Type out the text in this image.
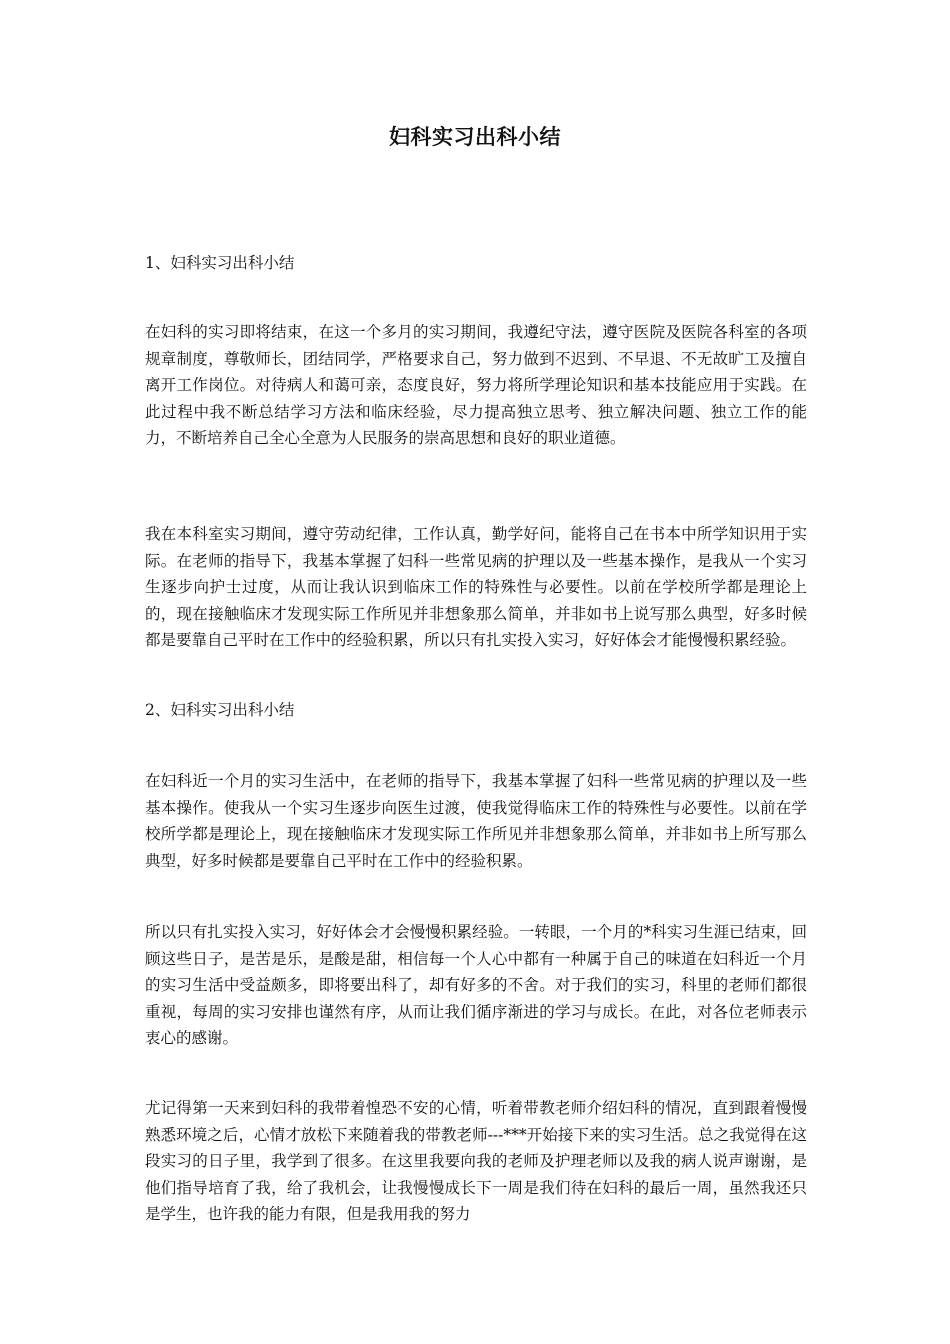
妇科实习出科小结
1、妇科实习出科小结

在妇科的实习即将结束，在这一个多月的实习期间，我遵纪守法，遵守医院及医院各科室的各项规章制度，尊敬师长，团结同学，严格要求自己，努力做到不迟到、不早退、不无故旷工及擅自离开工作岗位。对待病人和蔼可亲，态度良好，努力将所学理论知识和基本技能应用于实践。在此过程中我不断总结学习方法和临床经验，尽力提高独立思考、独立解决问题、独立工作的能力，不断培养自己全心全意为人民服务的崇高思想和良好的职业道德。

我在本科室实习期间，遵守劳动纪律，工作认真，勤学好问，能将自己在书本中所学知识用于实际。在老师的指导下，我基本掌握了妇科一些常见病的护理以及一些基本操作，是我从一个实习生逐步向护士过度，从而让我认识到临床工作的特殊性与必要性。以前在学校所学都是理论上的，现在接触临床才发现实际工作所见并非想象那么简单，并非如书上说写那么典型，好多时候都是要靠自己平时在工作中的经验积累，所以只有扎实投入实习，好好体会才能慢慢积累经验。

2、妇科实习出科小结

在妇科近一个月的实习生活中，在老师的指导下，我基本掌握了妇科一些常见病的护理以及一些基本操作。使我从一个实习生逐步向医生过渡，使我觉得临床工作的特殊性与必要性。以前在学校所学都是理论上，现在接触临床才发现实际工作所见并非想象那么简单，并非如书上所写那么典型，好多时候都是要靠自己平时在工作中的经验积累。

所以只有扎实投入实习，好好体会才会慢慢积累经验。一转眼，一个月的*科实习生涯已结束，回顾这些日子，是苦是乐，是酸是甜，相信每一个人心中都有一种属于自己的味道在妇科近一个月的实习生活中受益颇多，即将要出科了，却有好多的不舍。对于我们的实习，科里的老师们都很重视，每周的实习安排也谨然有序，从而让我们循序渐进的学习与成长。在此，对各位老师表示衷心的感谢。

尤记得第一天来到妇科的我带着惶恐不安的心情，听着带教老师介绍妇科的情况，直到跟着慢慢熟悉环境之后，心情才放松下来随着我的带教老师---***开始接下来的实习生活。总之我觉得在这段实习的日子里，我学到了很多。在这里我要向我的老师及护理老师以及我的病人说声谢谢，是他们指导培育了我，给了我机会，让我慢慢成长下一周是我们待在妇科的最后一周，虽然我还只是学生，也许我的能力有限，但是我用我的努力
